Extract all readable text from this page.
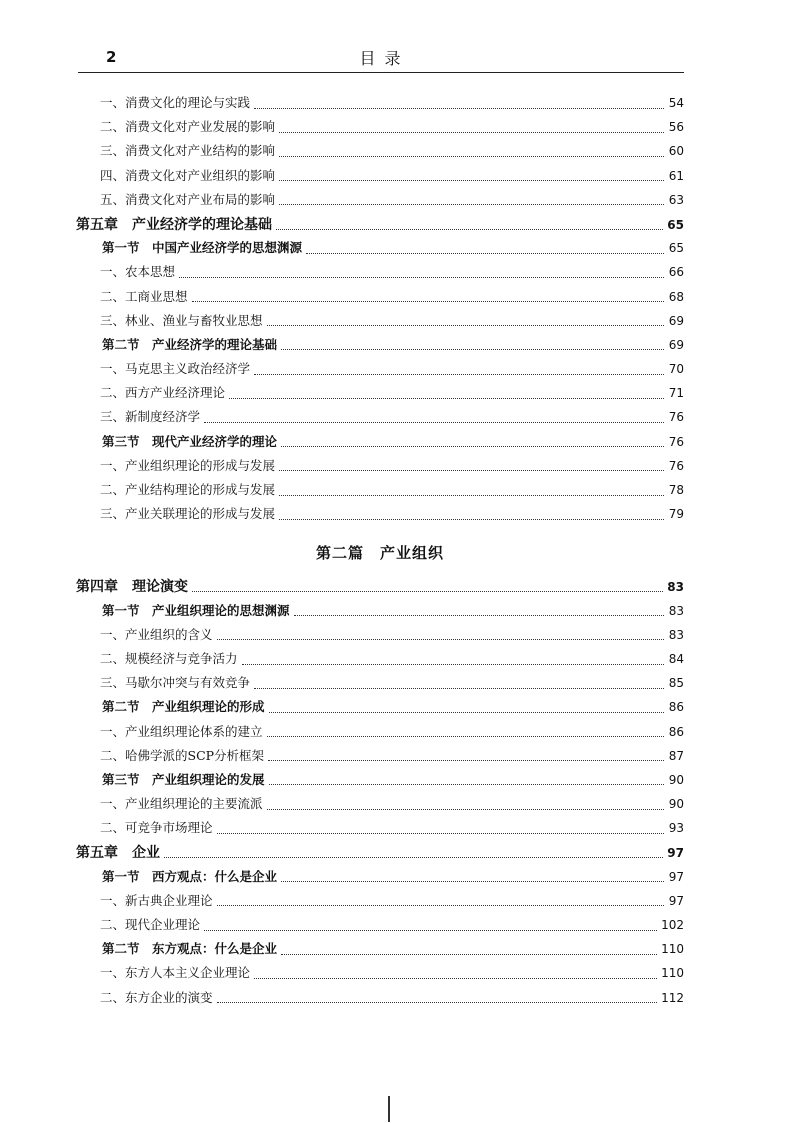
2	目 录
一、消费文化的理论与实践	54
二、消费文化对产业发展的影响	56
三、消费文化对产业结构的影响	60
四、消费文化对产业组织的影响	61
五、消费文化对产业布局的影响	63
第五章　产业经济学的理论基础	65
第一节　中国产业经济学的思想渊源	65
一、农本思想	66
二、工商业思想	68
三、林业、渔业与畜牧业思想	69
第二节　产业经济学的理论基础	69
一、马克思主义政治经济学	70
二、西方产业经济理论	71
三、新制度经济学	76
第三节　现代产业经济学的理论	76
一、产业组织理论的形成与发展	76
二、产业结构理论的形成与发展	78
三、产业关联理论的形成与发展	79
第二篇　产业组织
第四章　理论演变	83
第一节　产业组织理论的思想渊源	83
一、产业组织的含义	83
二、规模经济与竞争活力	84
三、马歇尔冲突与有效竞争	85
第二节　产业组织理论的形成	86
一、产业组织理论体系的建立	86
二、哈佛学派的SCP分析框架	87
第三节　产业组织理论的发展	90
一、产业组织理论的主要流派	90
二、可竞争市场理论	93
第五章　企业	97
第一节　西方观点：什么是企业	97
一、新古典企业理论	97
二、现代企业理论	102
第二节　东方观点：什么是企业	110
一、东方人本主义企业理论	110
二、东方企业的演变	112
